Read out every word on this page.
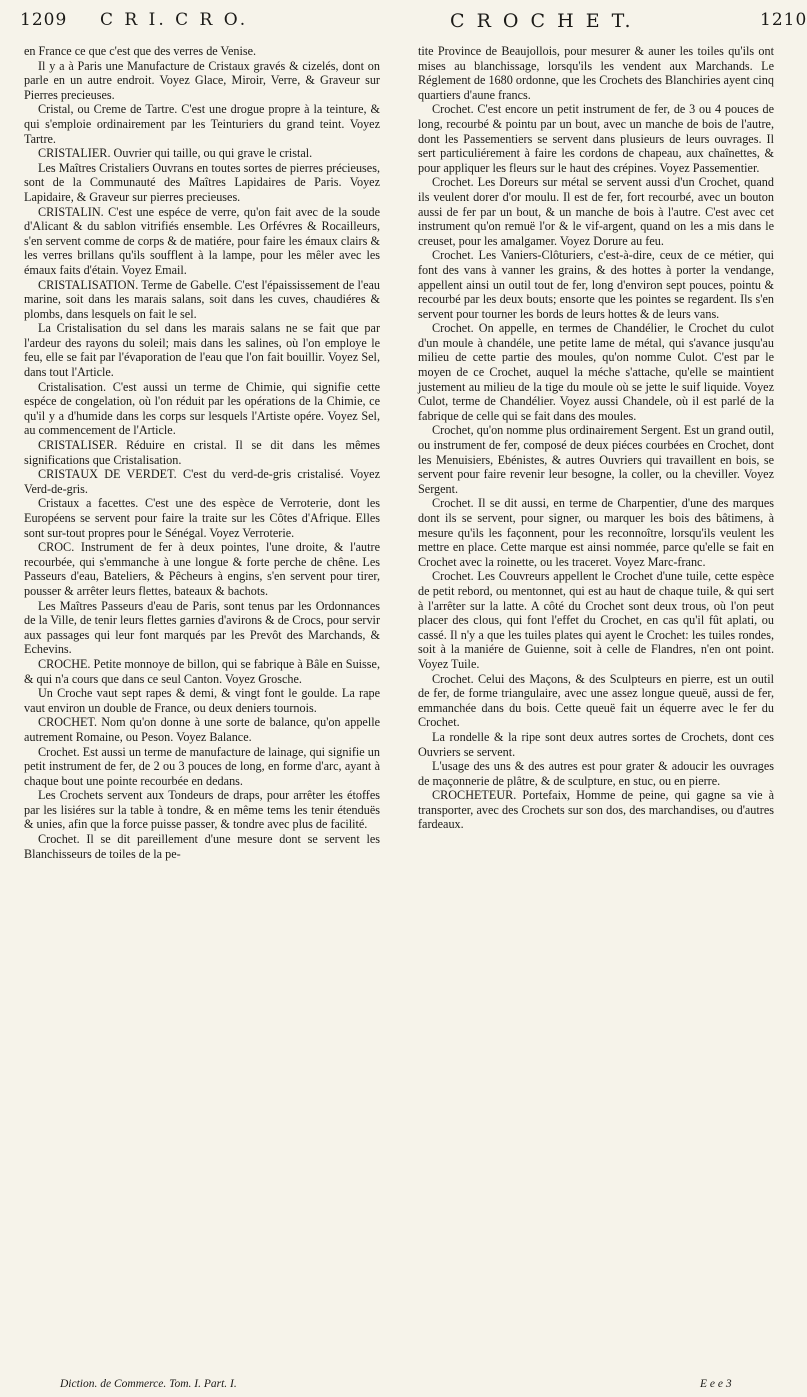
1209 C R I. C R O.	C R O C H E T.	1210

en France ce que c'est que des verres de Venise.

Il y a à Paris une Manufacture de Cristaux gravés & cizelés, dont on parle en un autre endroit. Voyez Glace, Miroir, Verre, & Graveur sur Pierres precieuses.

Cristal, ou Creme de Tartre. C'est une drogue propre à la teinture, & qui s'emploie ordinairement par les Teinturiers du grand teint. Voyez Tartre.

CRISTALIER. Ouvrier qui taille, ou qui grave le cristal.

Les Maîtres Cristaliers Ouvrans en toutes sortes de pierres précieuses, sont de la Communauté des Maîtres Lapidaires de Paris. Voyez Lapidaire, & Graveur sur pierres precieuses.

CRISTALIN. C'est une espéce de verre, qu'on fait avec de la soude d'Alicant & du sablon vitrifiés ensemble. Les Orfévres & Rocailleurs, s'en servent comme de corps & de matiére, pour faire les émaux clairs & les verres brillans qu'ils soufflent à la lampe, pour les mêler avec les émaux faits d'étain. Voyez Email.

CRISTALISATION. Terme de Gabelle. C'est l'épaississement de l'eau marine, soit dans les marais salans, soit dans les cuves, chaudiéres & plombs, dans lesquels on fait le sel.

La Cristalisation du sel dans les marais salans ne se fait que par l'ardeur des rayons du soleil; mais dans les salines, où l'on employe le feu, elle se fait par l'évaporation de l'eau que l'on fait bouillir. Voyez Sel, dans tout l'Article.

Cristalisation. C'est aussi un terme de Chimie, qui signifie cette espéce de congelation, où l'on réduit par les opérations de la Chimie, ce qu'il y a d'humide dans les corps sur lesquels l'Artiste opére. Voyez Sel, au commencement de l'Article.

CRISTALISER. Réduire en cristal. Il se dit dans les mêmes significations que Cristalisation.

CRISTAUX DE VERDET. C'est du verd-de-gris cristalisé. Voyez Verd-de-gris.

Cristaux a facettes. C'est une des espèce de Verroterie, dont les Européens se servent pour faire la traite sur les Côtes d'Afrique. Elles sont sur-tout propres pour le Sénégal. Voyez Verroterie.

CROC. Instrument de fer à deux pointes, l'une droite, & l'autre recourbée, qui s'emmanche à une longue & forte perche de chêne. Les Passeurs d'eau, Bateliers, & Pêcheurs à engins, s'en servent pour tirer, pousser & arrêter leurs flettes, bateaux & bachots.

Les Maîtres Passeurs d'eau de Paris, sont tenus par les Ordonnances de la Ville, de tenir leurs flettes garnies d'avirons & de Crocs, pour servir aux passages qui leur font marqués par les Prevôt des Marchands, & Echevins.

CROCHE. Petite monnoye de billon, qui se fabrique à Bâle en Suisse, & qui n'a cours que dans ce seul Canton. Voyez Grosche.

Un Croche vaut sept rapes & demi, & vingt font le goulde. La rape vaut environ un double de France, ou deux deniers tournois.

CROCHET. Nom qu'on donne à une sorte de balance, qu'on appelle autrement Romaine, ou Peson. Voyez Balance.

Crochet. Est aussi un terme de manufacture de lainage, qui signifie un petit instrument de fer, de 2 ou 3 pouces de long, en forme d'arc, ayant à chaque bout une pointe recourbée en dedans.

Les Crochets servent aux Tondeurs de draps, pour arrêter les étoffes par les lisiéres sur la table à tondre, & en même tems les tenir étenduës & unies, afin que la force puisse passer, & tondre avec plus de facilité.

Crochet. Il se dit pareillement d'une mesure dont se servent les Blanchisseurs de toiles de la pe-

tite Province de Beaujollois, pour mesurer & auner les toiles qu'ils ont mises au blanchissage, lorsqu'ils les vendent aux Marchands. Le Réglement de 1680 ordonne, que les Crochets des Blanchiries ayent cinq quartiers d'aune francs.

Crochet. C'est encore un petit instrument de fer, de 3 ou 4 pouces de long, recourbé & pointu par un bout, avec un manche de bois de l'autre, dont les Passementiers se servent dans plusieurs de leurs ouvrages. Il sert particuliérement à faire les cordons de chapeau, aux chaînettes, & pour appliquer les fleurs sur le haut des crépines. Voyez Passementier.

Crochet. Les Doreurs sur métal se servent aussi d'un Crochet, quand ils veulent dorer d'or moulu. Il est de fer, fort recourbé, avec un bouton aussi de fer par un bout, & un manche de bois à l'autre. C'est avec cet instrument qu'on remuë l'or & le vif-argent, quand on les a mis dans le creuset, pour les amalgamer. Voyez Dorure au feu.

Crochet. Les Vaniers-Clôturiers, c'est-à-dire, ceux de ce métier, qui font des vans à vanner les grains, & des hottes à porter la vendange, appellent ainsi un outil tout de fer, long d'environ sept pouces, pointu & recourbé par les deux bouts; ensorte que les pointes se regardent. Ils s'en servent pour tourner les bords de leurs hottes & de leurs vans.

Crochet. On appelle, en termes de Chandélier, le Crochet du culot d'un moule à chandéle, une petite lame de métal, qui s'avance jusqu'au milieu de cette partie des moules, qu'on nomme Culot. C'est par le moyen de ce Crochet, auquel la méche s'attache, qu'elle se maintient justement au milieu de la tige du moule où se jette le suif liquide. Voyez Culot, terme de Chandélier. Voyez aussi Chandele, où il est parlé de la fabrique de celle qui se fait dans des moules.

Crochet, qu'on nomme plus ordinairement Sergent. Est un grand outil, ou instrument de fer, composé de deux piéces courbées en Crochet, dont les Menuisiers, Ebénistes, & autres Ouvriers qui travaillent en bois, se servent pour faire revenir leur besogne, la coller, ou la cheviller. Voyez Sergent.

Crochet. Il se dit aussi, en terme de Charpentier, d'une des marques dont ils se servent, pour signer, ou marquer les bois des bâtimens, à mesure qu'ils les façonnent, pour les reconnoître, lorsqu'ils veulent les mettre en place. Cette marque est ainsi nommée, parce qu'elle se fait en Crochet avec la roinette, ou les traceret. Voyez Marc-franc.

Crochet. Les Couvreurs appellent le Crochet d'une tuile, cette espèce de petit rebord, ou mentonnet, qui est au haut de chaque tuile, & qui sert à l'arrêter sur la latte. A côté du Crochet sont deux trous, où l'on peut placer des clous, qui font l'effet du Crochet, en cas qu'il fût aplati, ou cassé. Il n'y a que les tuiles plates qui ayent le Crochet: les tuiles rondes, soit à la maniére de Guienne, soit à celle de Flandres, n'en ont point. Voyez Tuile.

Crochet. Celui des Maçons, & des Sculpteurs en pierre, est un outil de fer, de forme triangulaire, avec une assez longue queuë, aussi de fer, emmanchée dans du bois. Cette queuë fait un équerre avec le fer du Crochet.

La rondelle & la ripe sont deux autres sortes de Crochets, dont ces Ouvriers se servent.

L'usage des uns & des autres est pour grater & adoucir les ouvrages de maçonnerie de plâtre, & de sculpture, en stuc, ou en pierre.

CROCHETEUR. Portefaix, Homme de peine, qui gagne sa vie à transporter, avec des Crochets sur son dos, des marchandises, ou d'autres fardeaux.

Diction. de Commerce. Tom. I. Part. I.	E e e 3
